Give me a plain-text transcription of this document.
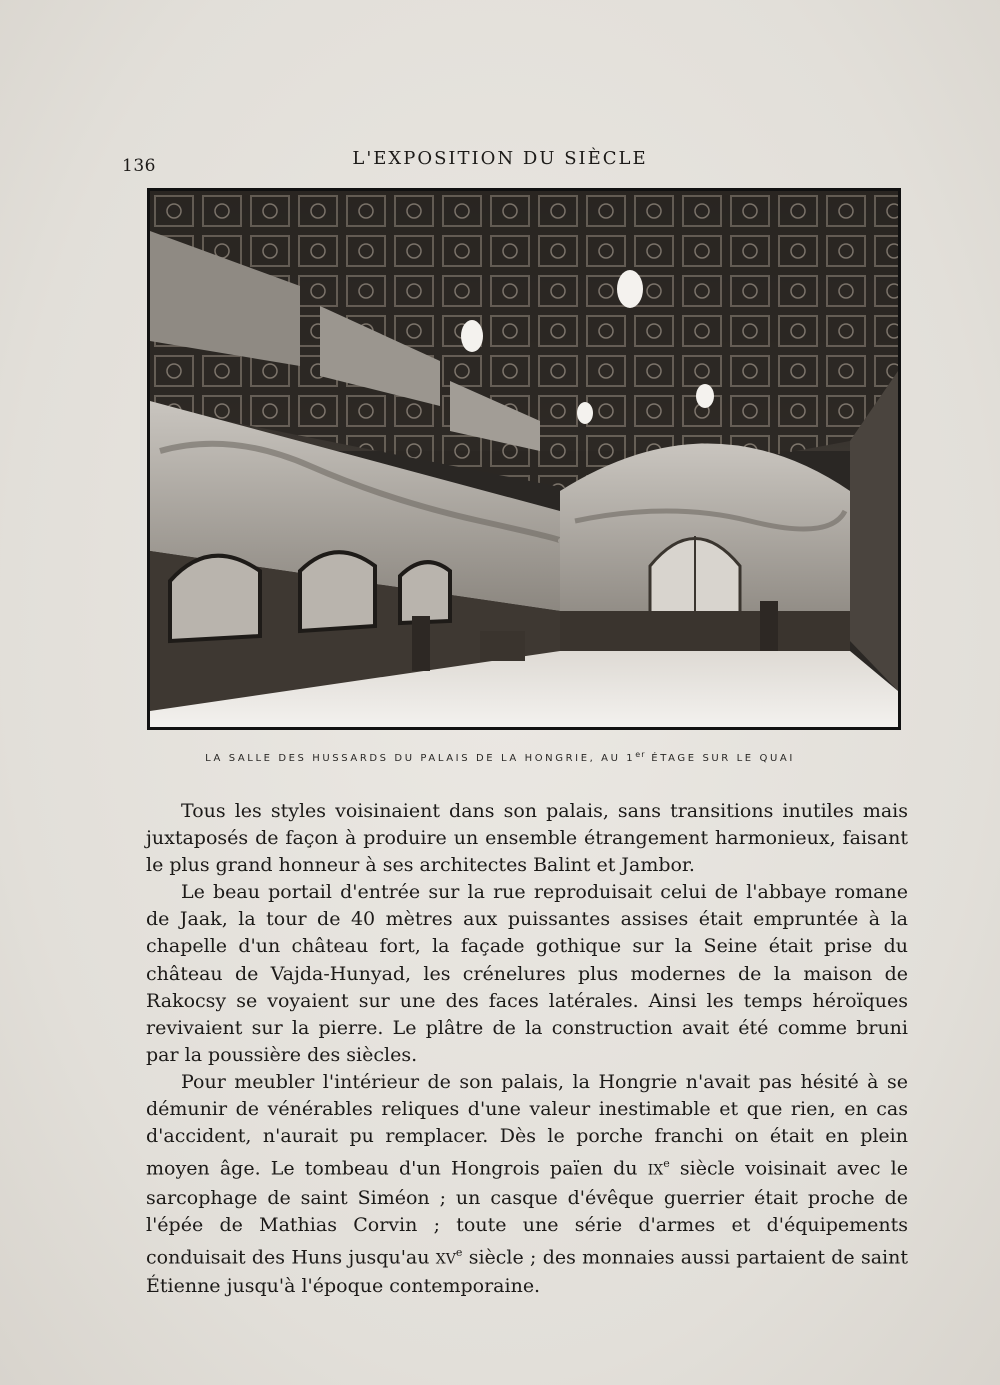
136	L'EXPOSITION DU SIÈCLE
LA SALLE DES HUSSARDS DU PALAIS DE LA HONGRIE, AU 1er ÉTAGE SUR LE QUAI

Tous les styles voisinaient dans son palais, sans transitions inutiles mais juxtaposés de façon à produire un ensemble étrangement harmonieux, faisant le plus grand honneur à ses architectes Balint et Jambor.

Le beau portail d'entrée sur la rue reproduisait celui de l'abbaye romane de Jaak, la tour de 40 mètres aux puissantes assises était empruntée à la chapelle d'un château fort, la façade gothique sur la Seine était prise du château de Vajda-Hunyad, les crénelures plus modernes de la maison de Rakocsy se voyaient sur une des faces latérales. Ainsi les temps héroïques revivaient sur la pierre. Le plâtre de la construction avait été comme bruni par la poussière des siècles.

Pour meubler l'intérieur de son palais, la Hongrie n'avait pas hésité à se démunir de vénérables reliques d'une valeur inestimable et que rien, en cas d'accident, n'aurait pu remplacer. Dès le porche franchi on était en plein moyen âge. Le tombeau d'un Hongrois païen du IXe siècle voisinait avec le sarcophage de saint Siméon ; un casque d'évêque guerrier était proche de l'épée de Mathias Corvin ; toute une série d'armes et d'équipements conduisait des Huns jusqu'au XVe siècle ; des monnaies aussi partaient de saint Étienne jusqu'à l'époque contemporaine.
